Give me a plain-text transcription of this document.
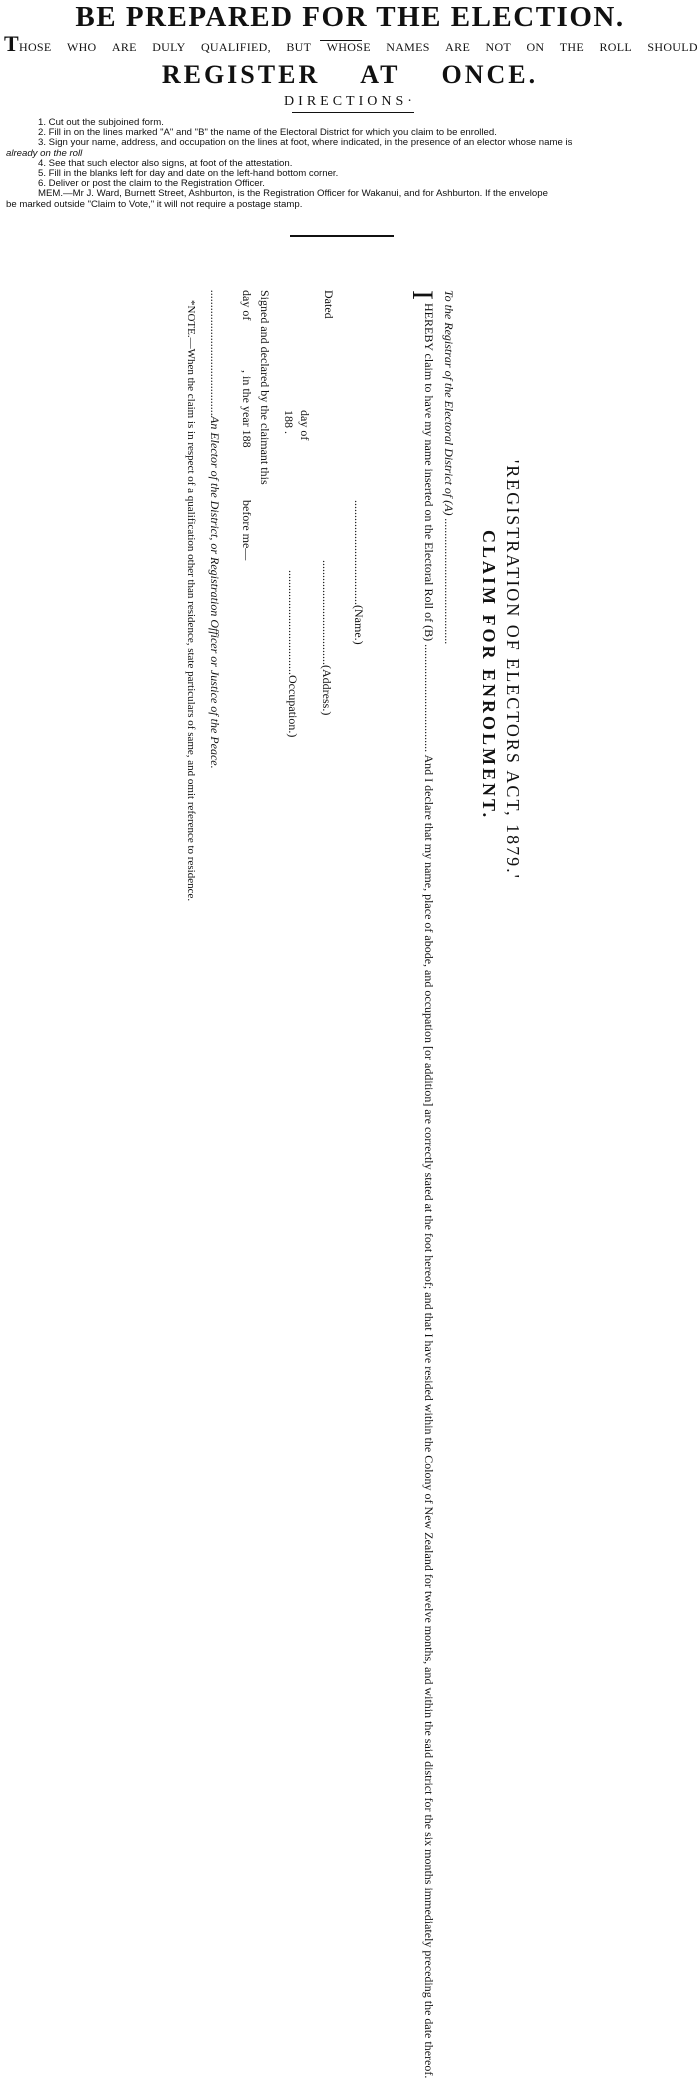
BE PREPARED FOR THE ELECTION.
THOSE WHO ARE DULY QUALIFIED, BUT WHOSE NAMES ARE NOT ON THE ROLL SHOULD
REGISTER AT ONCE.
DIRECTIONS·
1. Cut out the subjoined form.
2. Fill in on the lines marked "A" and "B" the name of the Electoral District for which you claim to be enrolled.
3. Sign your name, address, and occupation on the lines at foot, where indicated, in the presence of an elector whose name is
already on the roll
4. See that such elector also signs, at foot of the attestation.
5. Fill in the blanks left for day and date on the left-hand bottom corner.
6. Deliver or post the claim to the Registration Officer.
MEM.—Mr J. Ward, Burnett Street, Ashburton, is the Registration Officer for Wakanui, and for Ashburton. If the envelope
be marked outside "Claim to Vote," it will not require a postage stamp.
'REGISTRATION OF ELECTORS ACT, 1879.'
CLAIM FOR ENROLMENT.
To the Registrar of the Electoral District of (A) ..........................................
I
HEREBY claim to have my name inserted on the Electoral Roll of (B) .................................... And I declare that my name, place of abode, and occupation [or addition] are correctly stated at the foot hereof; and that I have resided within the Colony of New Zealand for twelve months, and within the said district for the six months immediately preceding the date thereof.
...................................(Name.)
Dated
...................................(Address.)
day of
188 .
...................................Occupation.)
Signed and declared by the claimant this
day of
, in the year 188
before me—
..........................................An Elector of the District, or Registration Officer or Justice of the Peace.
*NOTE.—When the claim is in respect of a qualification other than residence, state particulars of same, and omit reference to residence.
